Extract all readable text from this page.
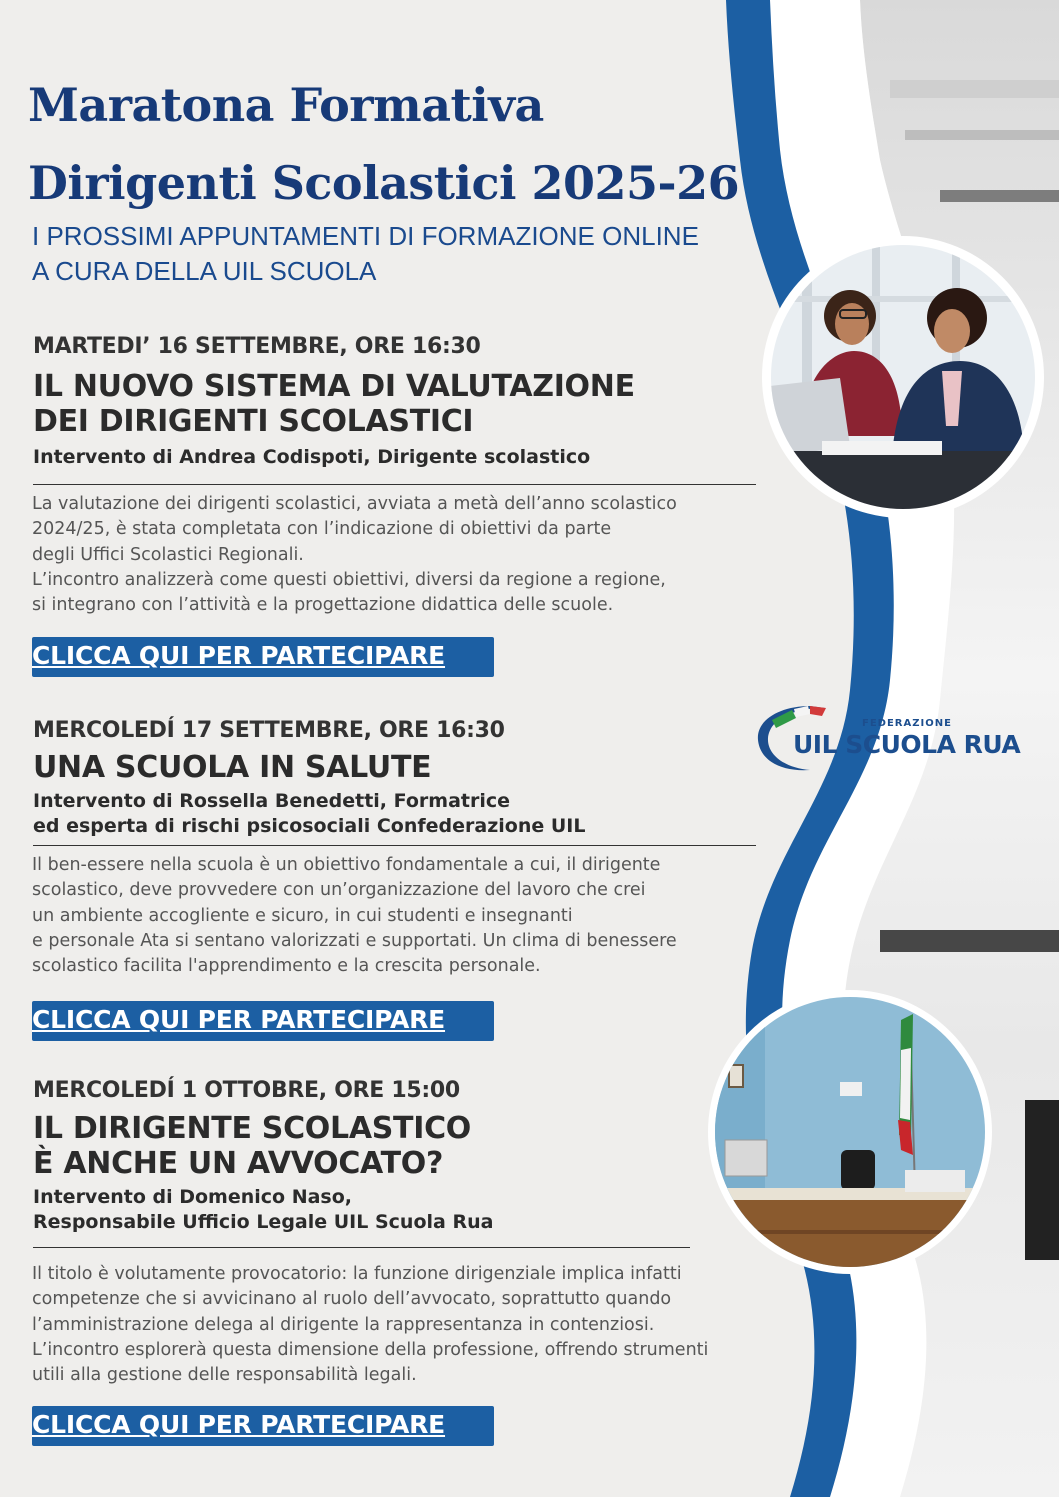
Maratona Formativa
Dirigenti Scolastici 2025-26

I PROSSIMI APPUNTAMENTI DI FORMAZIONE ONLINE
A CURA DELLA UIL SCUOLA

MARTEDI’ 16 SETTEMBRE, ORE 16:30

IL NUOVO SISTEMA DI VALUTAZIONE
DEI DIRIGENTI SCOLASTICI

Intervento di Andrea Codispoti, Dirigente scolastico

La valutazione dei dirigenti scolastici, avviata a metà dell’anno scolastico
2024/25, è stata completata con l’indicazione di obiettivi da parte
degli Uffici Scolastici Regionali.
L’incontro analizzerà come questi obiettivi, diversi da regione a regione,
si integrano con l’attività e la progettazione didattica delle scuole.

CLICCA QUI PER PARTECIPARE

MERCOLEDÍ 17 SETTEMBRE, ORE 16:30

UNA SCUOLA IN SALUTE

Intervento di Rossella Benedetti, Formatrice
ed esperta di rischi psicosociali Confederazione UIL

Il ben-essere nella scuola è un obiettivo fondamentale a cui, il dirigente
scolastico, deve provvedere con un’organizzazione del lavoro che crei
un ambiente accogliente e sicuro, in cui studenti e insegnanti
e personale Ata si sentano valorizzati e supportati. Un clima di benessere
scolastico facilita l'apprendimento e la crescita personale.

CLICCA QUI PER PARTECIPARE

MERCOLEDÍ 1 OTTOBRE, ORE 15:00

IL DIRIGENTE SCOLASTICO
È ANCHE UN AVVOCATO?

Intervento di Domenico Naso,
Responsabile Ufficio Legale UIL Scuola Rua

Il titolo è volutamente provocatorio: la funzione dirigenziale implica infatti
competenze che si avvicinano al ruolo dell’avvocato, soprattutto quando
l’amministrazione delega al dirigente la rappresentanza in contenziosi.
L’incontro esplorerà questa dimensione della professione, offrendo strumenti
utili alla gestione delle responsabilità legali.

CLICCA QUI PER PARTECIPARE
FEDERAZIONE
UIL SCUOLA RUA
